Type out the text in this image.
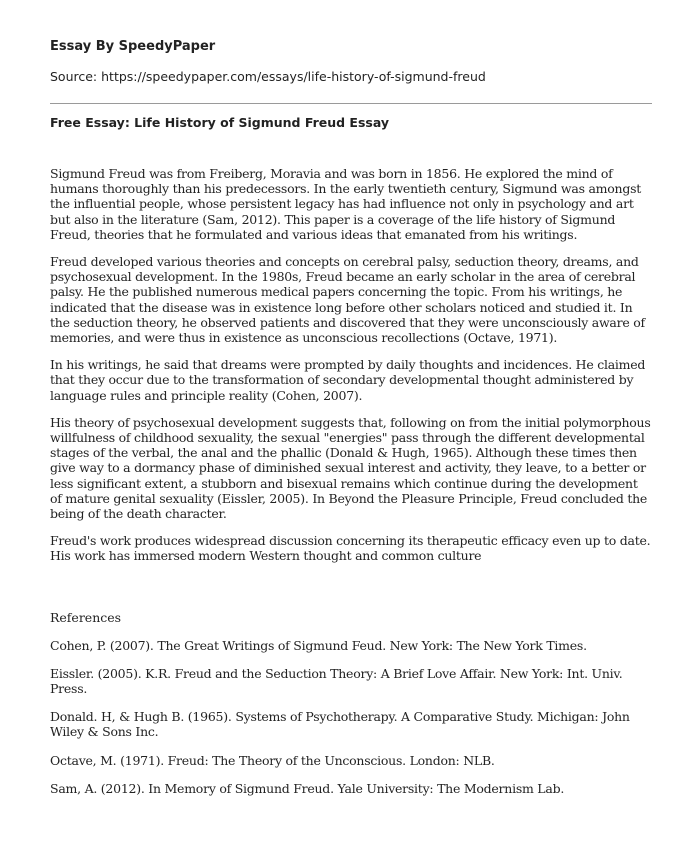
Essay By SpeedyPaper
Source: https://speedypaper.com/essays/life-history-of-sigmund-freud
Free Essay: Life History of Sigmund Freud Essay

Sigmund Freud was from Freiberg, Moravia and was born in 1856. He explored the mind of humans thoroughly than his predecessors. In the early twentieth century, Sigmund was amongst the influential people, whose persistent legacy has had influence not only in psychology and art but also in the literature (Sam, 2012). This paper is a coverage of the life history of Sigmund Freud, theories that he formulated and various ideas that emanated from his writings.

Freud developed various theories and concepts on cerebral palsy, seduction theory, dreams, and psychosexual development. In the 1980s, Freud became an early scholar in the area of cerebral palsy. He the published numerous medical papers concerning the topic. From his writings, he indicated that the disease was in existence long before other scholars noticed and studied it. In the seduction theory, he observed patients and discovered that they were unconsciously aware of memories, and were thus in existence as unconscious recollections (Octave, 1971).

In his writings, he said that dreams were prompted by daily thoughts and incidences. He claimed that they occur due to the transformation of secondary developmental thought administered by language rules and principle reality (Cohen, 2007).

His theory of psychosexual development suggests that, following on from the initial polymorphous willfulness of childhood sexuality, the sexual "energies" pass through the different developmental stages of the verbal, the anal and the phallic (Donald & Hugh, 1965). Although these times then give way to a dormancy phase of diminished sexual interest and activity, they leave, to a better or less significant extent, a stubborn and bisexual remains which continue during the development of mature genital sexuality (Eissler, 2005). In Beyond the Pleasure Principle, Freud concluded the being of the death character.

Freud's work produces widespread discussion concerning its therapeutic efficacy even up to date. His work has immersed modern Western thought and common culture

References

Cohen, P. (2007). The Great Writings of Sigmund Feud. New York: The New York Times.

Eissler. (2005). K.R. Freud and the Seduction Theory: A Brief Love Affair. New York: Int. Univ. Press.

Donald. H, & Hugh B. (1965). Systems of Psychotherapy. A Comparative Study. Michigan: John Wiley & Sons Inc.

Octave, M. (1971). Freud: The Theory of the Unconscious. London: NLB.

Sam, A. (2012). In Memory of Sigmund Freud. Yale University: The Modernism Lab.
